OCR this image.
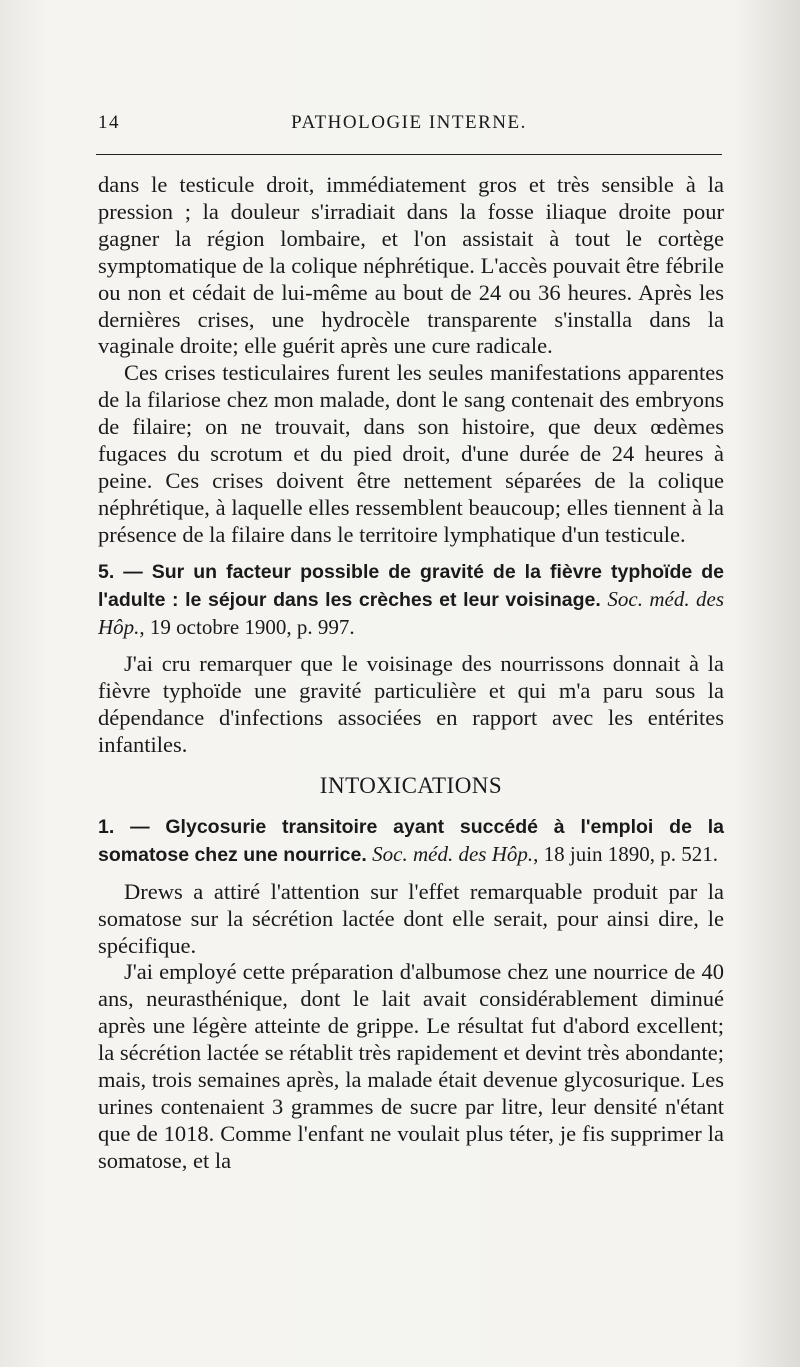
14	PATHOLOGIE INTERNE.

dans le testicule droit, immédiatement gros et très sensible à la pression ; la douleur s'irradiait dans la fosse iliaque droite pour gagner la région lombaire, et l'on assistait à tout le cortège symptomatique de la colique néphrétique. L'accès pouvait être fébrile ou non et cédait de lui-même au bout de 24 ou 36 heures. Après les dernières crises, une hydrocèle transparente s'installa dans la vaginale droite; elle guérit après une cure radicale.

Ces crises testiculaires furent les seules manifestations apparentes de la filariose chez mon malade, dont le sang contenait des embryons de filaire; on ne trouvait, dans son histoire, que deux œdèmes fugaces du scrotum et du pied droit, d'une durée de 24 heures à peine. Ces crises doivent être nettement séparées de la colique néphrétique, à laquelle elles ressemblent beaucoup; elles tiennent à la présence de la filaire dans le territoire lymphatique d'un testicule.

5. — Sur un facteur possible de gravité de la fièvre typhoïde de l'adulte : le séjour dans les crèches et leur voisinage. Soc. méd. des Hôp., 19 octobre 1900, p. 997.

J'ai cru remarquer que le voisinage des nourrissons donnait à la fièvre typhoïde une gravité particulière et qui m'a paru sous la dépendance d'infections associées en rapport avec les entérites infantiles.

INTOXICATIONS

1. — Glycosurie transitoire ayant succédé à l'emploi de la somatose chez une nourrice. Soc. méd. des Hôp., 18 juin 1890, p. 521.

Drews a attiré l'attention sur l'effet remarquable produit par la somatose sur la sécrétion lactée dont elle serait, pour ainsi dire, le spécifique.

J'ai employé cette préparation d'albumose chez une nourrice de 40 ans, neurasthénique, dont le lait avait considérablement diminué après une légère atteinte de grippe. Le résultat fut d'abord excellent; la sécrétion lactée se rétablit très rapidement et devint très abondante; mais, trois semaines après, la malade était devenue glycosurique. Les urines contenaient 3 grammes de sucre par litre, leur densité n'étant que de 1018. Comme l'enfant ne voulait plus téter, je fis supprimer la somatose, et la
